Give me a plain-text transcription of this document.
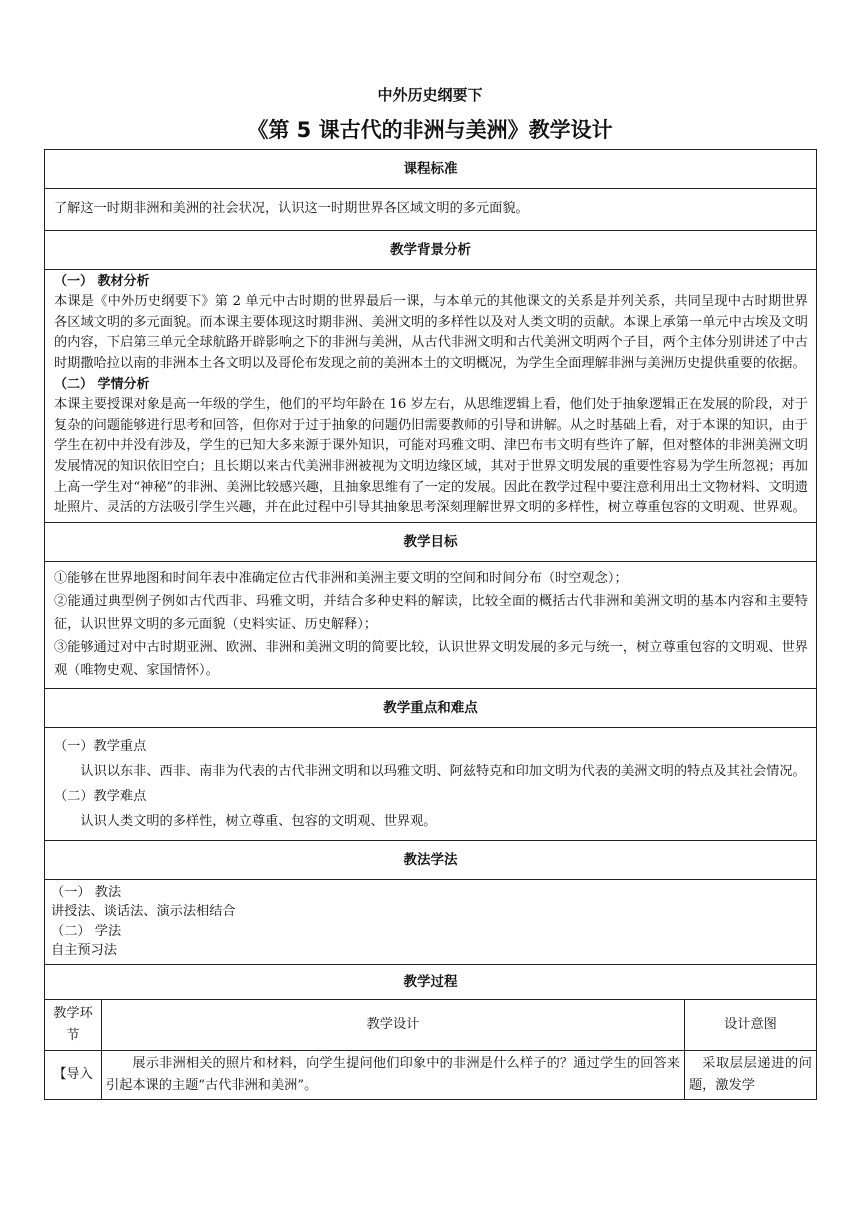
中外历史纲要下
《第 5 课古代的非洲与美洲》教学设计
课程标准

了解这一时期非洲和美洲的社会状况，认识这一时期世界各区域文明的多元面貌。

教学背景分析

（一） 教材分析

本课是《中外历史纲要下》第 2 单元中古时期的世界最后一课，与本单元的其他课文的关系是并列关系，共同呈现中古时期世界各区域文明的多元面貌。而本课主要体现这时期非洲、美洲文明的多样性以及对人类文明的贡献。本课上承第一单元中古埃及文明的内容，下启第三单元全球航路开辟影响之下的非洲与美洲，从古代非洲文明和古代美洲文明两个子目，两个主体分别讲述了中古时期撒哈拉以南的非洲本土各文明以及哥伦布发现之前的美洲本土的文明概况，为学生全面理解非洲与美洲历史提供重要的依据。

（二） 学情分析

本课主要授课对象是高一年级的学生，他们的平均年龄在 16 岁左右，从思维逻辑上看，他们处于抽象逻辑正在发展的阶段，对于复杂的问题能够进行思考和回答，但你对于过于抽象的问题仍旧需要教师的引导和讲解。从之时基础上看，对于本课的知识，由于学生在初中并没有涉及，学生的已知大多来源于课外知识，可能对玛雅文明、津巴布韦文明有些许了解，但对整体的非洲美洲文明发展情况的知识依旧空白；且长期以来古代美洲非洲被视为文明边缘区域，其对于世界文明发展的重要性容易为学生所忽视；再加上高一学生对“神秘”的非洲、美洲比较感兴趣，且抽象思维有了一定的发展。因此在教学过程中要注意利用出土文物材料、文明遗址照片、灵活的方法吸引学生兴趣，并在此过程中引导其抽象思考深刻理解世界文明的多样性，树立尊重包容的文明观、世界观。

教学目标

①能够在世界地图和时间年表中准确定位古代非洲和美洲主要文明的空间和时间分布（时空观念）；

②能通过典型例子例如古代西非、玛雅文明，并结合多种史料的解读，比较全面的概括古代非洲和美洲文明的基本内容和主要特征，认识世界文明的多元面貌（史料实证、历史解释）；

③能够通过对中古时期亚洲、欧洲、非洲和美洲文明的简要比较，认识世界文明发展的多元与统一，树立尊重包容的文明观、世界观（唯物史观、家国情怀）。

教学重点和难点

（一）教学重点

认识以东非、西非、南非为代表的古代非洲文明和以玛雅文明、阿兹特克和印加文明为代表的美洲文明的特点及其社会情况。

（二）教学难点

认识人类文明的多样性，树立尊重、包容的文明观、世界观。

教法学法

（一） 教法

讲授法、谈话法、演示法相结合

（二） 学法

自主预习法

教学过程
教学环节	教学设计	设计意图
【导入	展示非洲相关的照片和材料，向学生提问他们印象中的非洲是什么样子的？通过学生的回答来引起本课的主题“古代非洲和美洲”。	采取层层递进的问题，激发学
